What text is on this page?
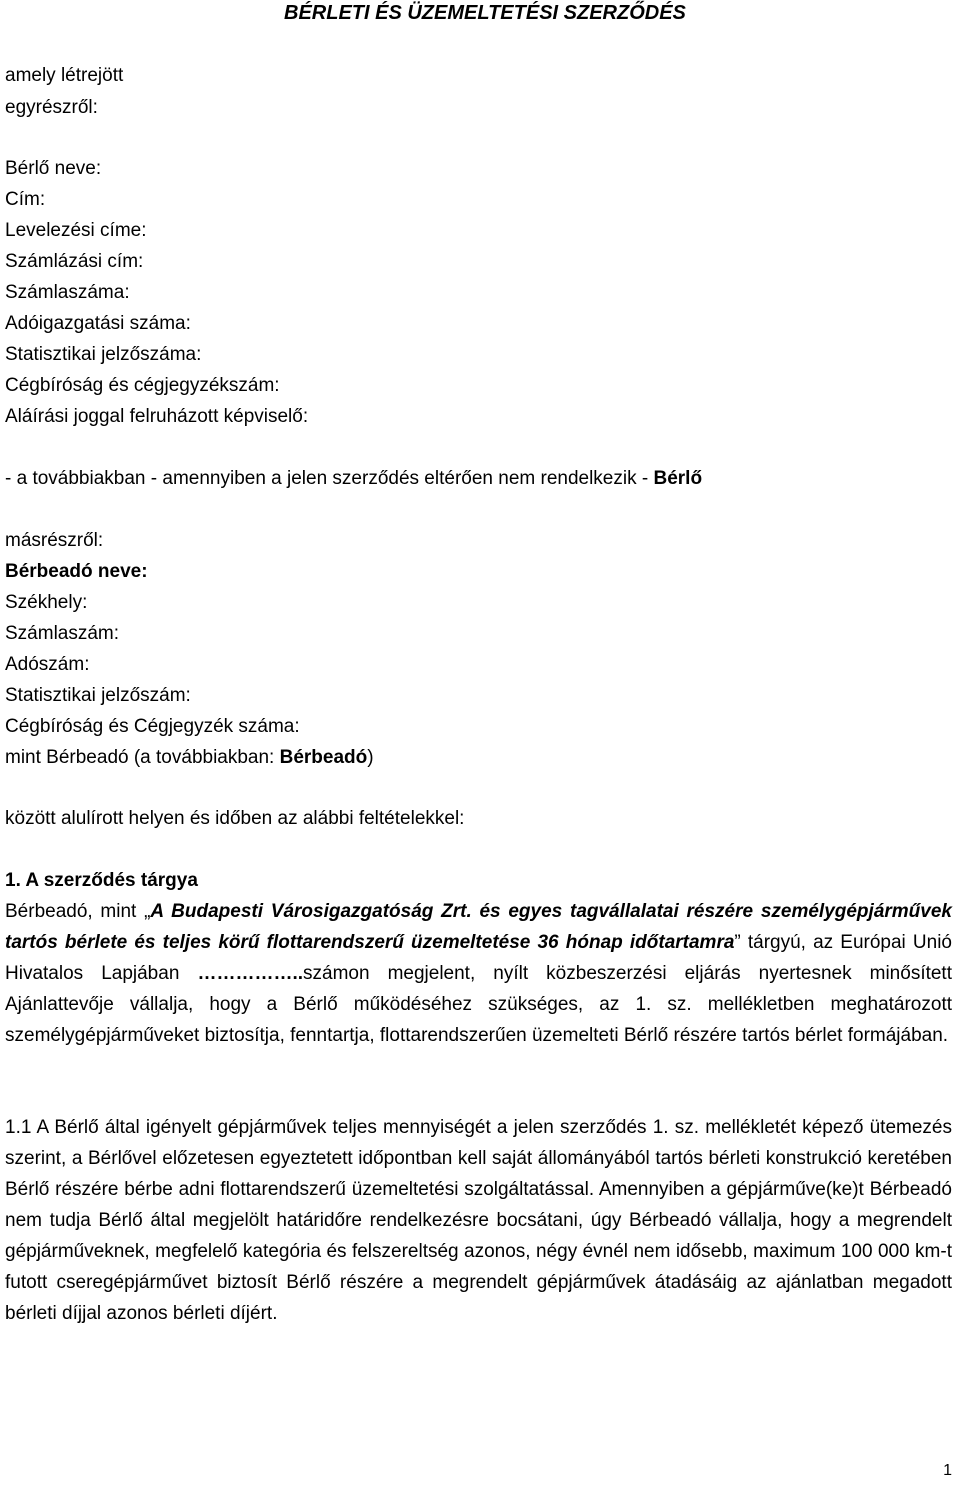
BÉRLETI ÉS ÜZEMELTETÉSI SZERZŐDÉS
amely létrejött
egyrészről:
Bérlő neve:
Cím:
Levelezési címe:
Számlázási cím:
Számlaszáma:
Adóigazgatási száma:
Statisztikai jelzőszáma:
Cégbíróság és cégjegyzékszám:
Aláírási joggal felruházott képviselő:
- a továbbiakban - amennyiben a jelen szerződés eltérően nem rendelkezik - Bérlő
másrészről:
Bérbeadó neve:
Székhely:
Számlaszám:
Adószám:
Statisztikai jelzőszám:
Cégbíróság és Cégjegyzék száma:
mint Bérbeadó (a továbbiakban: Bérbeadó)
között alulírott helyen és időben az alábbi feltételekkel:
1. A szerződés tárgya
Bérbeadó, mint „A Budapesti Városigazgatóság Zrt. és egyes tagvállalatai részére személygépjárművek tartós bérlete és teljes körű flottarendszerű üzemeltetése 36 hónap időtartamra” tárgyú, az Európai Unió Hivatalos Lapjában ……………..számon megjelent, nyílt közbeszerzési eljárás nyertesnek minősített Ajánlattevője vállalja, hogy a Bérlő működéséhez szükséges, az 1. sz. mellékletben meghatározott személygépjárműveket biztosítja, fenntartja, flottarendszerűen üzemelteti Bérlő részére tartós bérlet formájában.
1.1 A Bérlő által igényelt gépjárművek teljes mennyiségét a jelen szerződés 1. sz. mellékletét képező ütemezés szerint, a Bérlővel előzetesen egyeztetett időpontban kell saját állományából tartós bérleti konstrukció keretében Bérlő részére bérbe adni flottarendszerű üzemeltetési szolgáltatással. Amennyiben a gépjárműve(ke)t Bérbeadó nem tudja Bérlő által megjelölt határidőre rendelkezésre bocsátani, úgy Bérbeadó vállalja, hogy a megrendelt gépjárműveknek, megfelelő kategória és felszereltség azonos, négy évnél nem idősebb, maximum 100 000 km-t futott cseregépjárművet biztosít Bérlő részére a megrendelt gépjárművek átadásáig az ajánlatban megadott bérleti díjjal azonos bérleti díjért.
1
